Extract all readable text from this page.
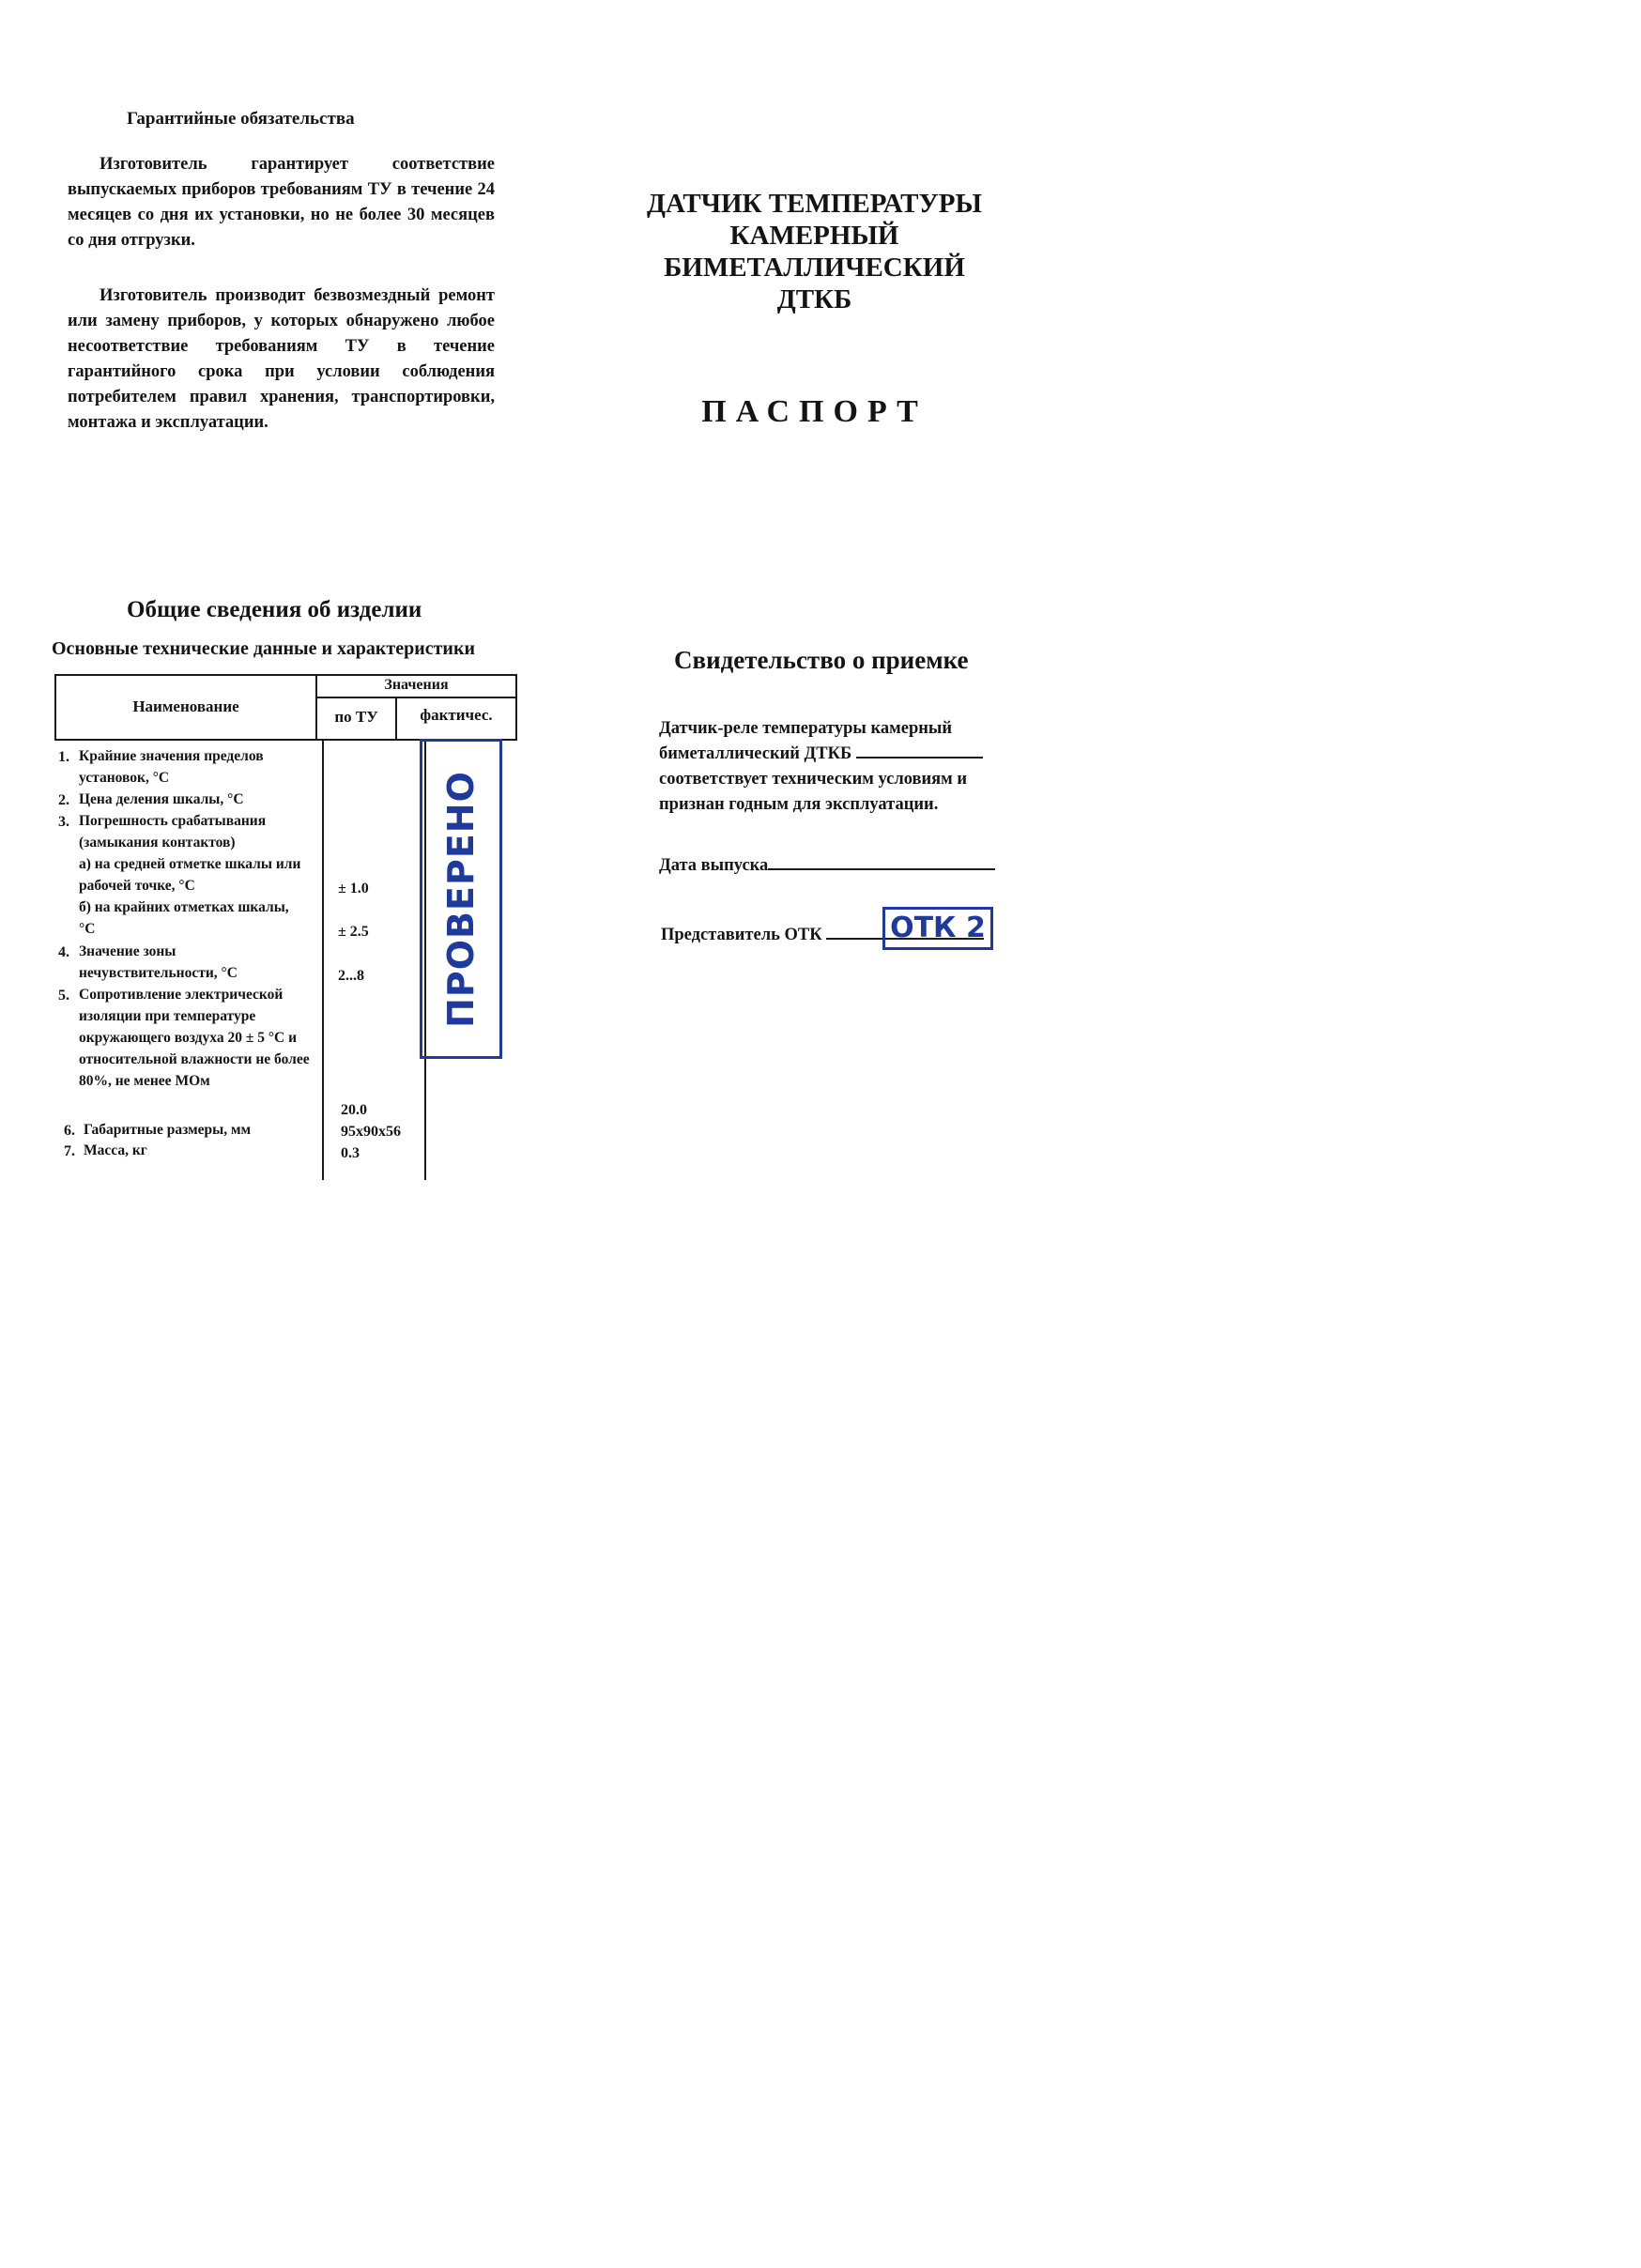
Гарантийные обязательства
Изготовитель гарантирует соответствие выпускаемых приборов требованиям ТУ в течение 24 месяцев со дня их установки, но не более 30 месяцев со дня отгрузки.
Изготовитель производит безвозмездный ремонт или замену приборов, у которых обнаружено любое несоответствие требованиям ТУ в течение гарантийного срока при условии соблюдения потребителем правил хранения, транспортировки, монтажа и эксплуатации.
ДАТЧИК ТЕМПЕРАТУРЫ
КАМЕРНЫЙ
БИМЕТАЛЛИЧЕСКИЙ
ДТКБ
ПАСПОРТ
Общие сведения об изделии
Основные технические данные и характеристики
Наименование
Значения
по ТУ	фактичес.
1.
2.
3.
4.
5.
6.
7.
Крайние значения пределов установок, °С
Цена деления шкалы, °С
Погрешность срабатывания (замыкания контактов)
а) на средней отметке шкалы или рабочей точке, °С
б) на крайних отметках шкалы, °С
Значение зоны нечувствительности, °С
Сопротивление электрической изоляции при температуре окружающего воздуха 20 ± 5 °С и относительной влажности не более 80%, не менее МОм
Габаритные размеры, мм
Масса, кг
± 1.0
± 2.5
2...8
20.0
95x90x56
0.3
ПРОВЕРЕНО
Свидетельство о приемке
Датчик-реле температуры камерный
биметаллический ДТКБ
соответствует техническим условиям и
признан годным для эксплуатации.
Дата выпуска
Представитель ОТК	ОТК 2
